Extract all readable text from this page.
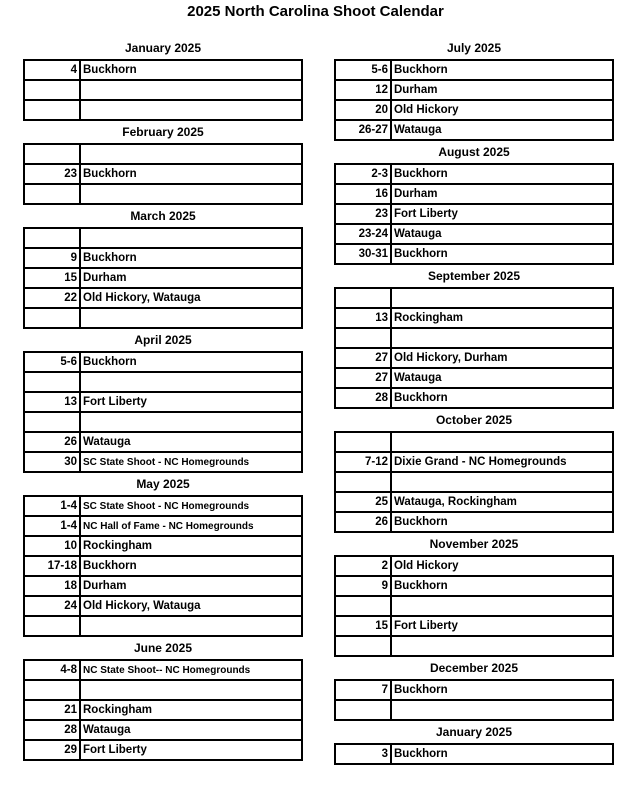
2025 North Carolina Shoot Calendar
January 2025
4	Buckhorn

February 2025

23	Buckhorn

March 2025

9	Buckhorn
15	Durham
22	Old Hickory, Watauga

April 2025
5-6	Buckhorn

13	Fort Liberty

26	Watauga
30	SC State Shoot - NC Homegrounds
May 2025
1-4	SC State Shoot - NC Homegrounds
1-4	NC Hall of Fame - NC Homegrounds
10	Rockingham
17-18	Buckhorn
18	Durham
24	Old Hickory, Watauga

June 2025
4-8	NC State Shoot-- NC Homegrounds

21	Rockingham
28	Watauga
29	Fort Liberty
July 2025
5-6	Buckhorn
12	Durham
20	Old Hickory
26-27	Watauga
August 2025
2-3	Buckhorn
16	Durham
23	Fort Liberty
23-24	Watauga
30-31	Buckhorn
September 2025

13	Rockingham

27	Old Hickory, Durham
27	Watauga
28	Buckhorn
October 2025

7-12	Dixie Grand - NC Homegrounds

25	Watauga, Rockingham
26	Buckhorn
November 2025
2	Old Hickory
9	Buckhorn

15	Fort Liberty

December 2025
7	Buckhorn

January 2025
3	Buckhorn
